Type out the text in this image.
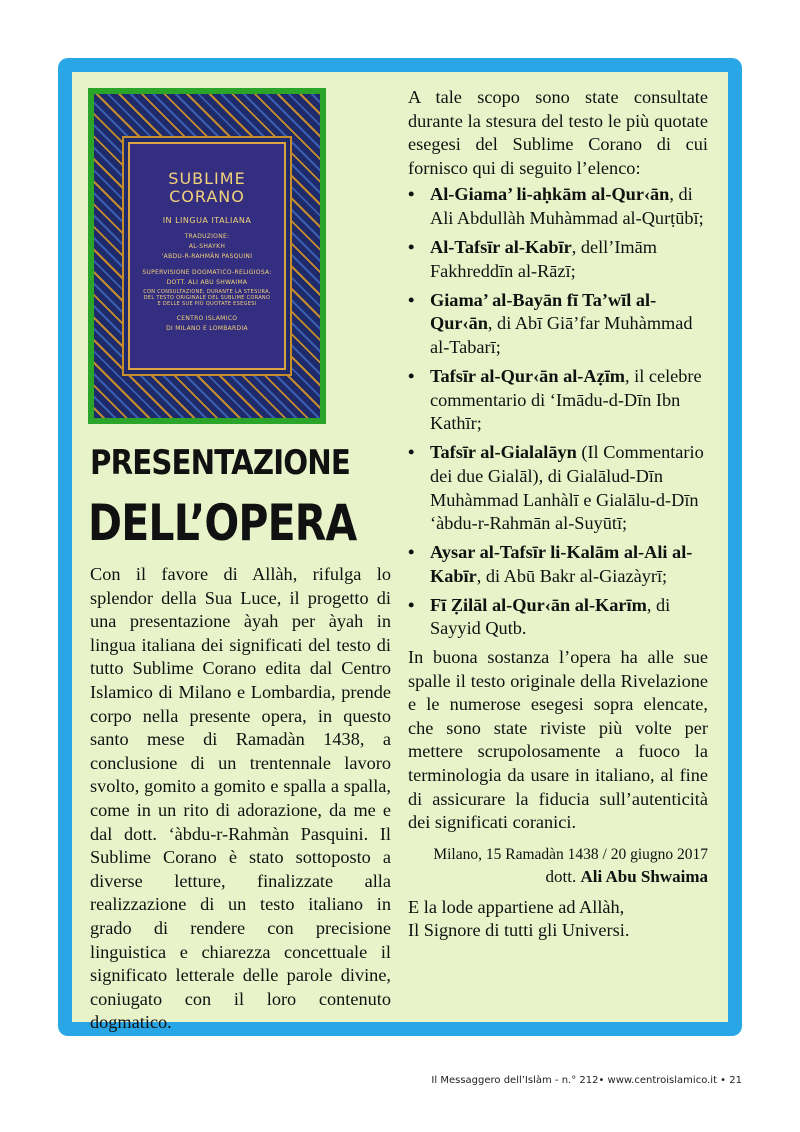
SUBLIME
CORANO
IN LINGUA ITALIANA
TRADUZIONE:
AL-SHAYKH
'ABDU-R-RAHMÂN PASQUINI
SUPERVISIONE DOGMATICO-RELIGIOSA:
DOTT. ALI ABU SHWAIMA
CON CONSULTAZIONE, DURANTE LA STESURA,
DEL TESTO ORIGINALE DEL SUBLIME CORANO
E DELLE SUE PIÙ QUOTATE ESEGESI
CENTRO ISLAMICO
DI MILANO E LOMBARDIA
PRESENTAZIONE
DELL’OPERA

Con il favore di Allàh, rifulga lo splendor della Sua Luce, il progetto di una presentazione àyah per àyah in lingua italiana dei significati del testo di tutto Sublime Corano edita dal Centro Islamico di Milano e Lombardia, prende corpo nella presente opera, in questo santo mese di Ramadàn 1438, a conclusione di un trentennale lavoro svolto, gomito a gomito e spalla a spalla, come in un rito di adorazione, da me e dal dott. ‘àbdu-r-Rahmàn Pasquini. Il Sublime Corano è stato sottoposto a diverse letture, finalizzate alla realizzazione di un testo italiano in grado di rendere con precisione linguistica e chiarezza concettuale il significato letterale delle parole divine, coniugato con il loro contenuto dogmatico.

A tale scopo sono state consultate durante la stesura del testo le più quotate esegesi del Sublime Corano di cui fornisco qui di seguito l’elenco:

• Al-Giama’ li-aḥkām al-Qur‹ān, di Ali Abdullàh Muhàmmad al-Qurṭūbī;
• Al-Tafsīr al-Kabīr, dell’Imām Fakhreddīn al-Rāzī;
• Giama’ al-Bayān fī Ta’wīl al-Qur‹ān, di Abī Giā’far Muhàmmad al-Tabarī;
• Tafsīr al-Qur‹ān al-Aẓīm, il celebre commentario di ‘Imādu-d-Dīn Ibn Kathīr;
• Tafsīr al-Gialalāyn (Il Commentario dei due Gialāl), di Gialālud-Dīn Muhàmmad Lanhàlī e Gialālu-d-Dīn ‘àbdu-r-Rahmān al-Suyūtī;
• Aysar al-Tafsīr li-Kalām al-Ali al-Kabīr, di Abū Bakr al-Giazàyrī;
• Fī Ẓilāl al-Qur‹ān al-Karīm, di Sayyid Qutb.

In buona sostanza l’opera ha alle sue spalle il testo originale della Rivelazione e le numerose esegesi sopra elencate, che sono state riviste più volte per mettere scrupolosamente a fuoco la terminologia da usare in italiano, al fine di assicurare la fiducia sull’autenticità dei significati coranici.

Milano, 15 Ramadàn 1438 / 20 giugno 2017
dott. Ali Abu Shwaima
E la lode appartiene ad Allàh,
Il Signore di tutti gli Universi.
Il Messaggero dell’Islàm - n.° 212• www.centroislamico.it • 21
